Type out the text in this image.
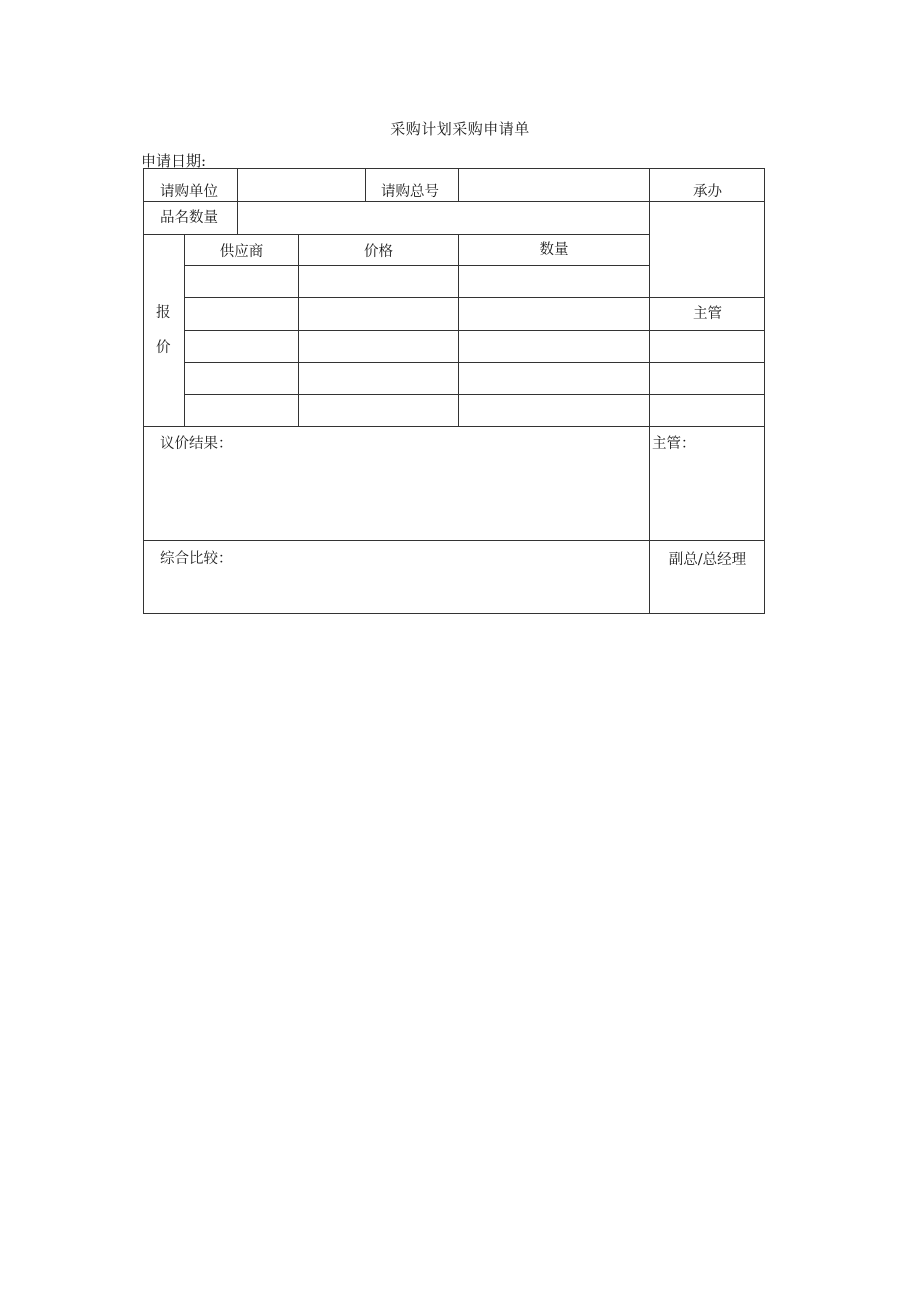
采购计划采购申请单
申请日期:
请购单位	请购总号	承办
品名数量
供应商	价格	数量
报
价
主管
议价结果：	主管：
综合比较：	副总/总经理
